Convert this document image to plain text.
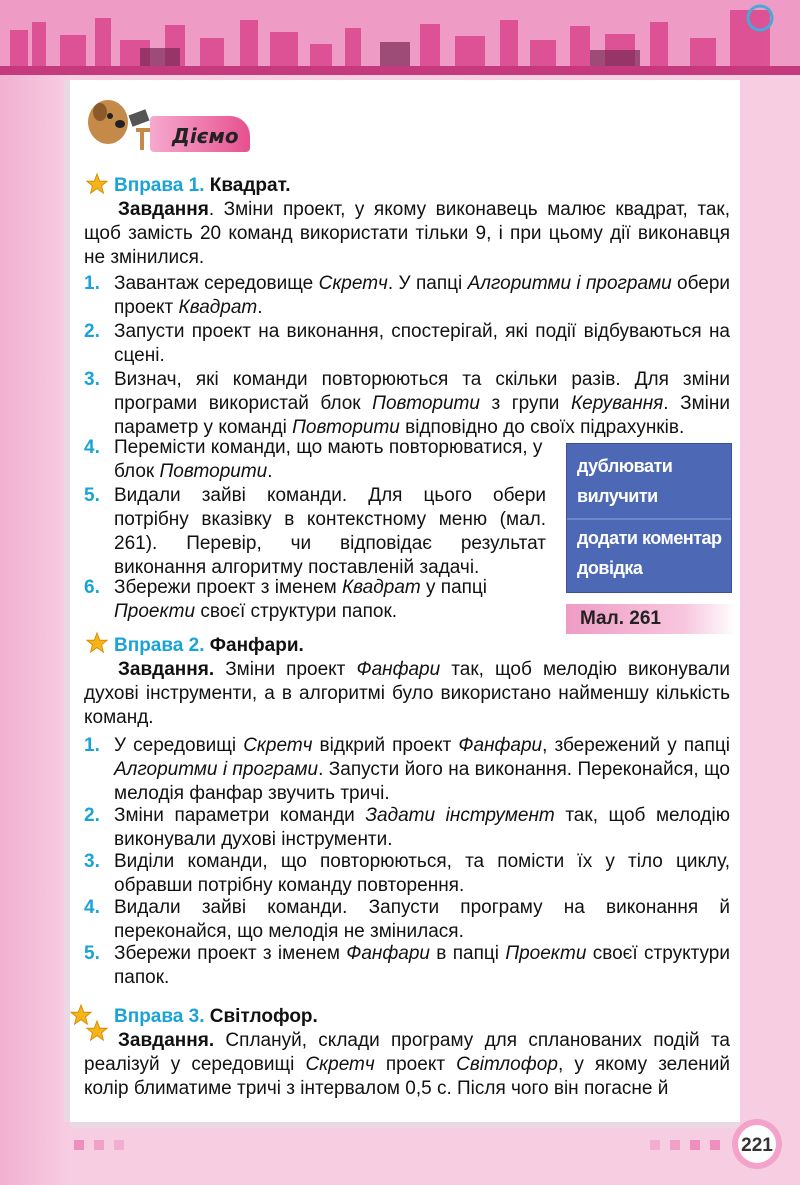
Діємо
Вправа 1. Квадрат.
Завдання. Зміни проект, у якому виконавець малює квадрат, так, щоб замість 20 команд використати тільки 9, і при цьому дії виконавця не змінилися.
1. Завантаж середовище Скретч. У папці Алгоритми і програми обери проект Квадрат.
2. Запусти проект на виконання, спостерігай, які події відбуваються на сцені.
3. Визнач, які команди повторюються та скільки разів. Для зміни програми використай блок Повторити з групи Керування. Зміни параметр у команді Повторити відповідно до своїх підрахунків.
4. Перемісти команди, що мають повторюватися, у блок Повторити.
5. Видали зайві команди. Для цього обери потрібну вказівку в контекстному меню (мал. 261). Перевір, чи відповідає результат виконання алгоритму поставленій задачі.
6. Збережи проект з іменем Квадрат у папці Проекти своєї структури папок.
дублювати
вилучити
додати коментар
довідка
Мал. 261
Вправа 2. Фанфари.
Завдання. Зміни проект Фанфари так, щоб мелодію виконували духові інструменти, а в алгоритмі було використано найменшу кількість команд.
1. У середовищі Скретч відкрий проект Фанфари, збережений у папці Алгоритми і програми. Запусти його на виконання. Переконайся, що мелодія фанфар звучить тричі.
2. Зміни параметри команди Задати інструмент так, щоб мелодію виконували духові інструменти.
3. Виділи команди, що повторюються, та помісти їх у тіло циклу, обравши потрібну команду повторення.
4. Видали зайві команди. Запусти програму на виконання й переконайся, що мелодія не змінилася.
5. Збережи проект з іменем Фанфари в папці Проекти своєї структури папок.
Вправа 3. Світлофор.
Завдання. Сплануй, склади програму для спланованих подій та реалізуй у середовищі Скретч проект Світлофор, у якому зелений колір блиматиме тричі з інтервалом 0,5 с. Після чого він погасне й
221
